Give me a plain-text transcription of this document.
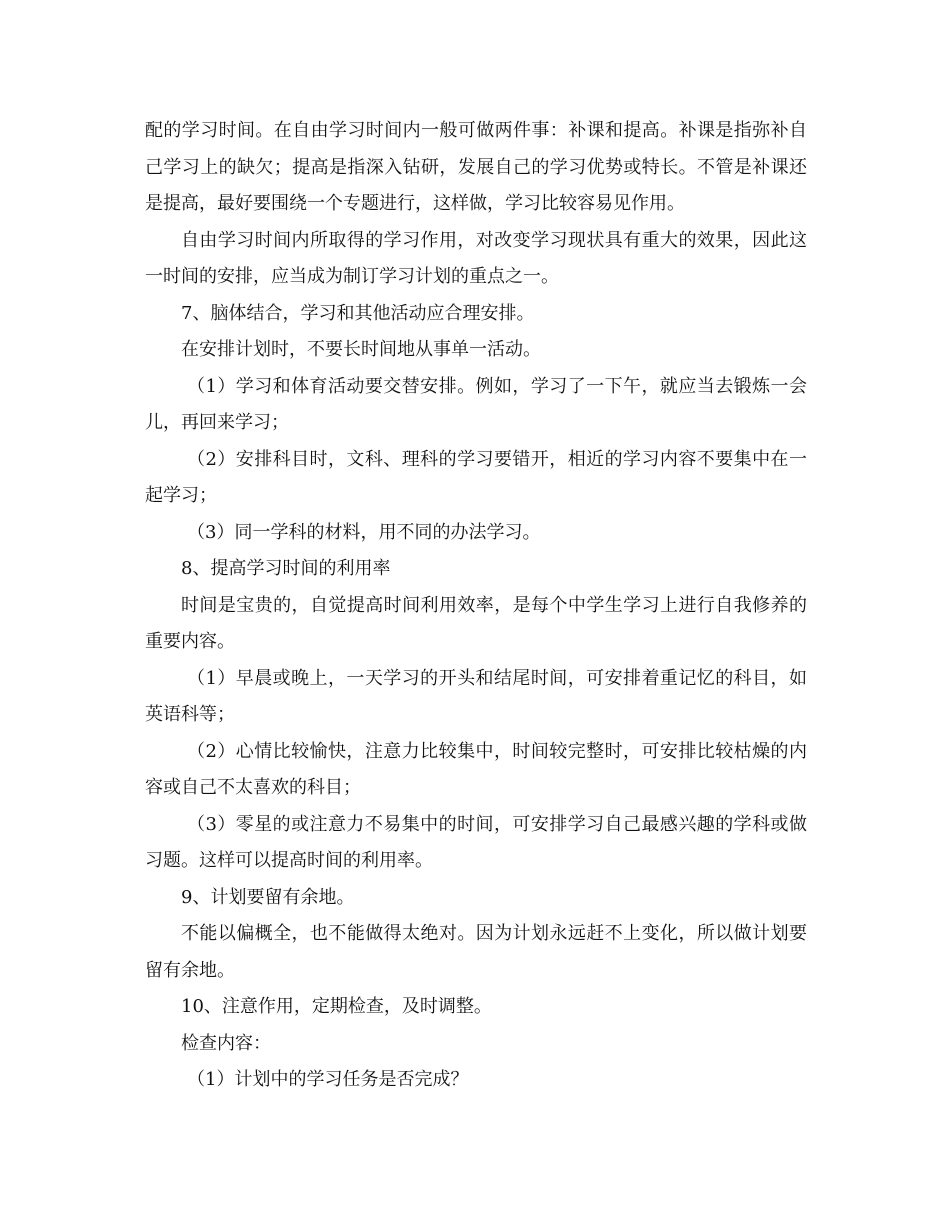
配的学习时间。在自由学习时间内一般可做两件事：补课和提高。补课是指弥补自己学习上的缺欠；提高是指深入钻研，发展自己的学习优势或特长。不管是补课还是提高，最好要围绕一个专题进行，这样做，学习比较容易见作用。

自由学习时间内所取得的学习作用，对改变学习现状具有重大的效果，因此这一时间的安排，应当成为制订学习计划的重点之一。

7、脑体结合，学习和其他活动应合理安排。

在安排计划时，不要长时间地从事单一活动。

（1）学习和体育活动要交替安排。例如，学习了一下午，就应当去锻炼一会儿，再回来学习；

（2）安排科目时，文科、理科的学习要错开，相近的学习内容不要集中在一起学习；

（3）同一学科的材料，用不同的办法学习。

8、提高学习时间的利用率

时间是宝贵的，自觉提高时间利用效率，是每个中学生学习上进行自我修养的重要内容。

（1）早晨或晚上，一天学习的开头和结尾时间，可安排着重记忆的科目，如英语科等；

（2）心情比较愉快，注意力比较集中，时间较完整时，可安排比较枯燥的内容或自己不太喜欢的科目；

（3）零星的或注意力不易集中的时间，可安排学习自己最感兴趣的学科或做习题。这样可以提高时间的利用率。

9、计划要留有余地。

不能以偏概全，也不能做得太绝对。因为计划永远赶不上变化，所以做计划要留有余地。

10、注意作用，定期检查，及时调整。

检查内容：

（1）计划中的学习任务是否完成？
